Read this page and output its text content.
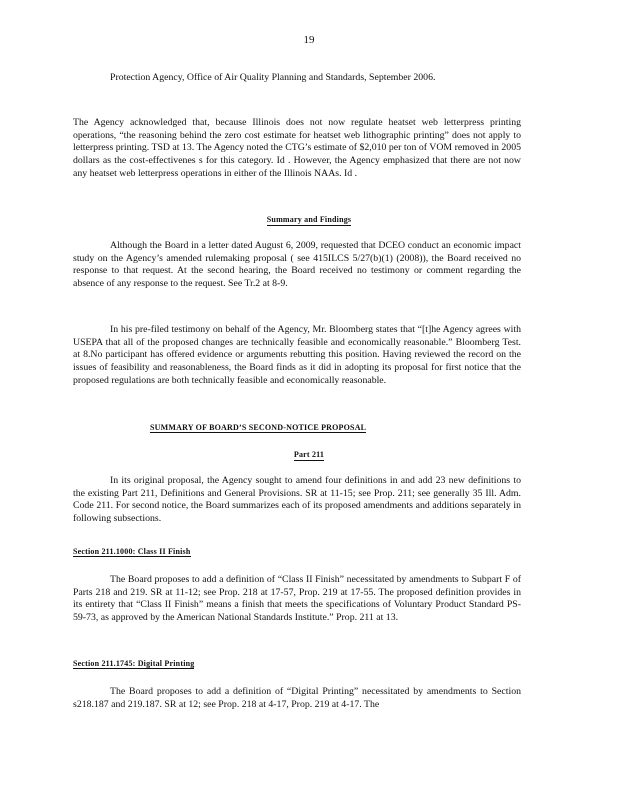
19

Protection Agency, Office of Air Quality Planning and Standards, September 2006.

The Agency acknowledged that, because Illinois does not now regulate heatset web letterpress printing operations, “the reasoning behind the zero cost estimate for heatset web lithographic printing” does not apply to letterpress printing. TSD at 13. The Agency noted the CTG’s estimate of $2,010 per ton of VOM removed in 2005 dollars as the cost-effectivenes s for this category. Id . However, the Agency emphasized that there are not now any heatset web letterpress operations in either of the Illinois NAAs. Id .

Summary and Findings

Although the Board in a letter dated August 6, 2009, requested that DCEO conduct an economic impact study on the Agency’s amended rulemaking proposal ( see 415ILCS 5/27(b)(1) (2008)), the Board received no response to that request. At the second hearing, the Board received no testimony or comment regarding the absence of any response to the request. See Tr.2 at 8-9.

In his pre-filed testimony on behalf of the Agency, Mr. Bloomberg states that “[t]he Agency agrees with USEPA that all of the proposed changes are technically feasible and economically reasonable.” Bloomberg Test. at 8.No participant has offered evidence or arguments rebutting this position. Having reviewed the record on the issues of feasibility and reasonableness, the Board finds as it did in adopting its proposal for first notice that the proposed regulations are both technically feasible and economically reasonable.

SUMMARY OF BOARD’S SECOND-NOTICE PROPOSAL
Part 211

In its original proposal, the Agency sought to amend four definitions in and add 23 new definitions to the existing Part 211, Definitions and General Provisions. SR at 11-15; see Prop. 211; see generally 35 Ill. Adm. Code 211. For second notice, the Board summarizes each of its proposed amendments and additions separately in following subsections.

Section 211.1000: Class II Finish

The Board proposes to add a definition of “Class II Finish” necessitated by amendments to Subpart F of Parts 218 and 219. SR at 11-12; see Prop. 218 at 17-57, Prop. 219 at 17-55. The proposed definition provides in its entirety that “Class II Finish” means a finish that meets the specifications of Voluntary Product Standard PS-59-73, as approved by the American National Standards Institute.” Prop. 211 at 13.

Section 211.1745: Digital Printing

The Board proposes to add a definition of “Digital Printing” necessitated by amendments to Section s218.187 and 219.187. SR at 12; see Prop. 218 at 4-17, Prop. 219 at 4-17. The
